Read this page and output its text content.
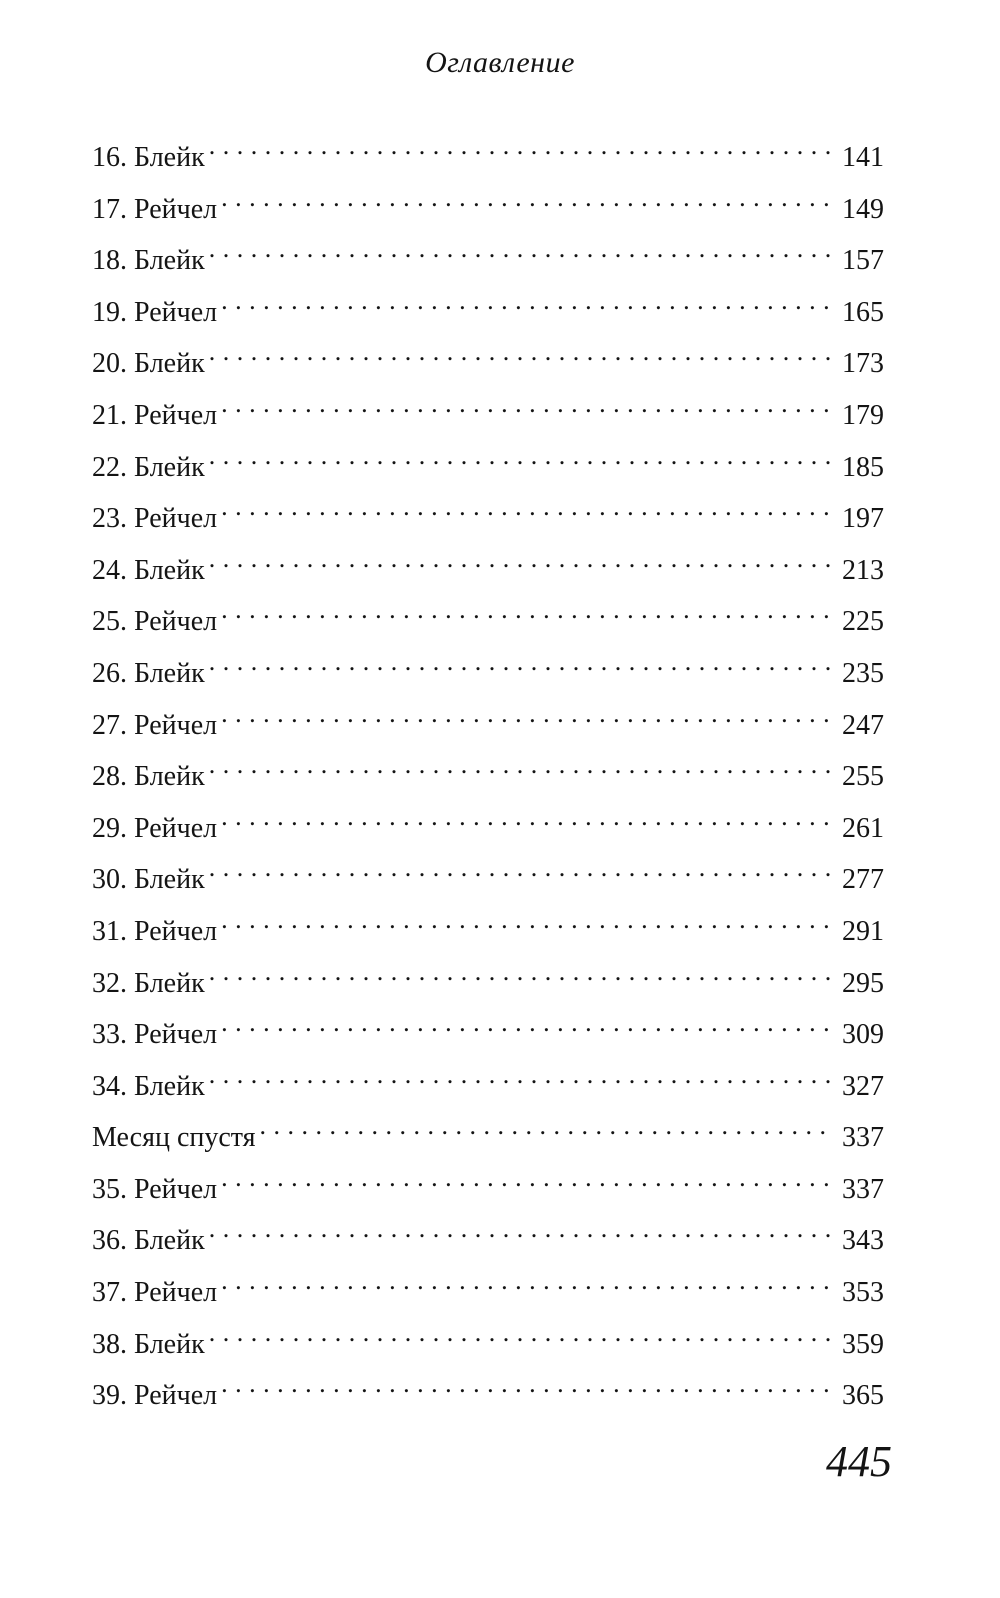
Оглавление
16. Блейк . . .	141
17. Рейчел . . .	149
18. Блейк . . .	157
19. Рейчел . . .	165
20. Блейк . . .	173
21. Рейчел . . .	179
22. Блейк . . .	185
23. Рейчел . . .	197
24. Блейк . . .	213
25. Рейчел . . .	225
26. Блейк . . .	235
27. Рейчел . . .	247
28. Блейк . . .	255
29. Рейчел . . .	261
30. Блейк . . .	277
31. Рейчел . . .	291
32. Блейк . . .	295
33. Рейчел . . .	309
34. Блейк . . .	327
Месяц спустя . . .	337
35. Рейчел . . .	337
36. Блейк . . .	343
37. Рейчел . . .	353
38. Блейк . . .	359
39. Рейчел . . .	365
445
